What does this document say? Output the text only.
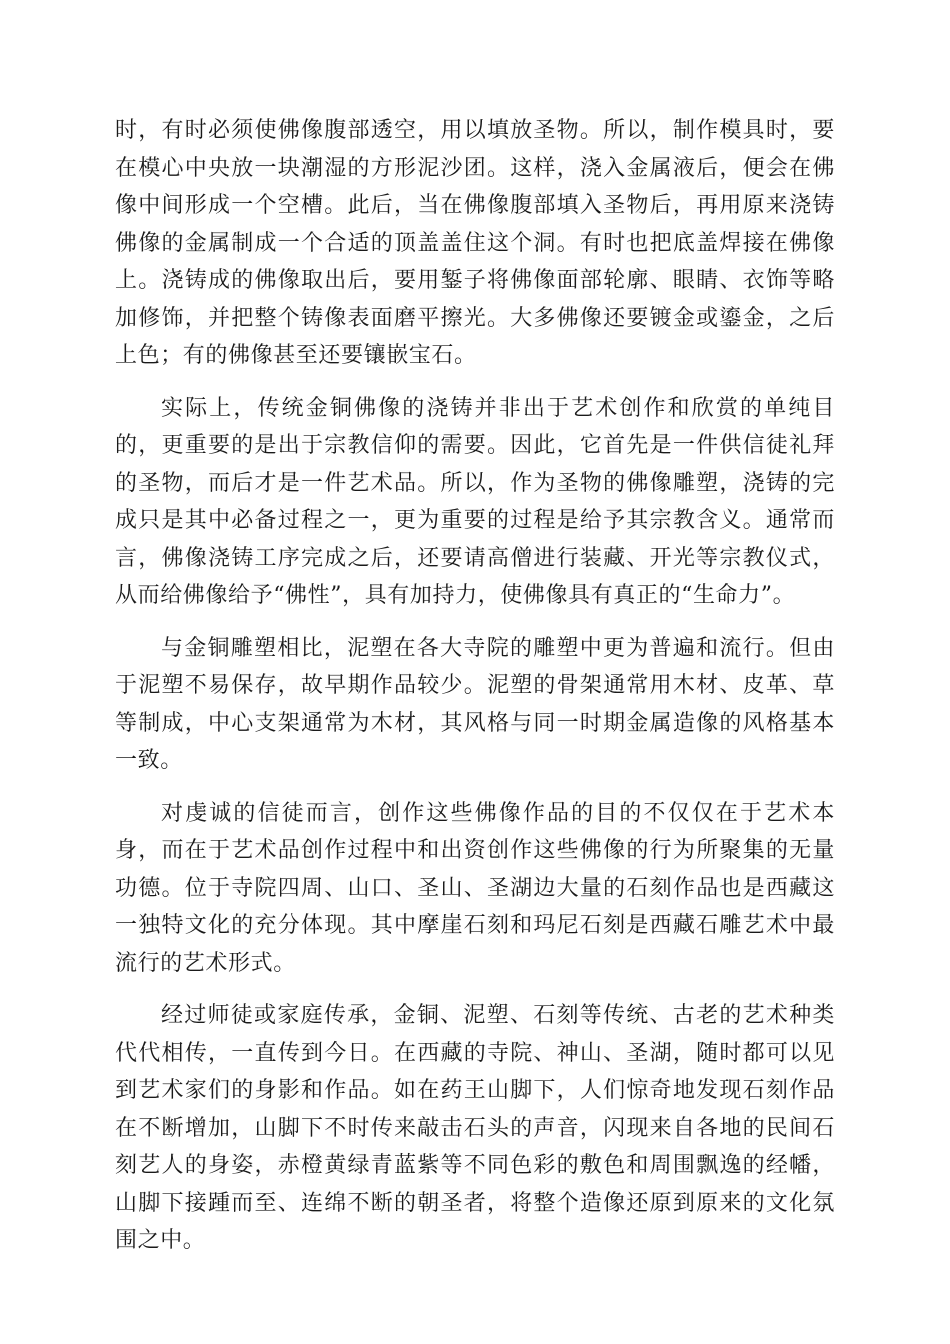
时，有时必须使佛像腹部透空，用以填放圣物。所以，制作模具时，要在模心中央放一块潮湿的方形泥沙团。这样，浇入金属液后，便会在佛像中间形成一个空槽。此后，当在佛像腹部填入圣物后，再用原来浇铸佛像的金属制成一个合适的顶盖盖住这个洞。有时也把底盖焊接在佛像上。浇铸成的佛像取出后，要用錾子将佛像面部轮廓、眼睛、衣饰等略加修饰，并把整个铸像表面磨平擦光。大多佛像还要镀金或鎏金，之后上色；有的佛像甚至还要镶嵌宝石。

实际上，传统金铜佛像的浇铸并非出于艺术创作和欣赏的单纯目的，更重要的是出于宗教信仰的需要。因此，它首先是一件供信徒礼拜的圣物，而后才是一件艺术品。所以，作为圣物的佛像雕塑，浇铸的完成只是其中必备过程之一，更为重要的过程是给予其宗教含义。通常而言，佛像浇铸工序完成之后，还要请高僧进行装藏、开光等宗教仪式，从而给佛像给予“佛性”，具有加持力，使佛像具有真正的“生命力”。

与金铜雕塑相比，泥塑在各大寺院的雕塑中更为普遍和流行。但由于泥塑不易保存，故早期作品较少。泥塑的骨架通常用木材、皮革、草等制成，中心支架通常为木材，其风格与同一时期金属造像的风格基本一致。

对虔诚的信徒而言，创作这些佛像作品的目的不仅仅在于艺术本身，而在于艺术品创作过程中和出资创作这些佛像的行为所聚集的无量功德。位于寺院四周、山口、圣山、圣湖边大量的石刻作品也是西藏这一独特文化的充分体现。其中摩崖石刻和玛尼石刻是西藏石雕艺术中最流行的艺术形式。

经过师徒或家庭传承，金铜、泥塑、石刻等传统、古老的艺术种类代代相传，一直传到今日。在西藏的寺院、神山、圣湖，随时都可以见到艺术家们的身影和作品。如在药王山脚下，人们惊奇地发现石刻作品在不断增加，山脚下不时传来敲击石头的声音，闪现来自各地的民间石刻艺人的身姿，赤橙黄绿青蓝紫等不同色彩的敷色和周围飘逸的经幡，山脚下接踵而至、连绵不断的朝圣者，将整个造像还原到原来的文化氛围之中。
